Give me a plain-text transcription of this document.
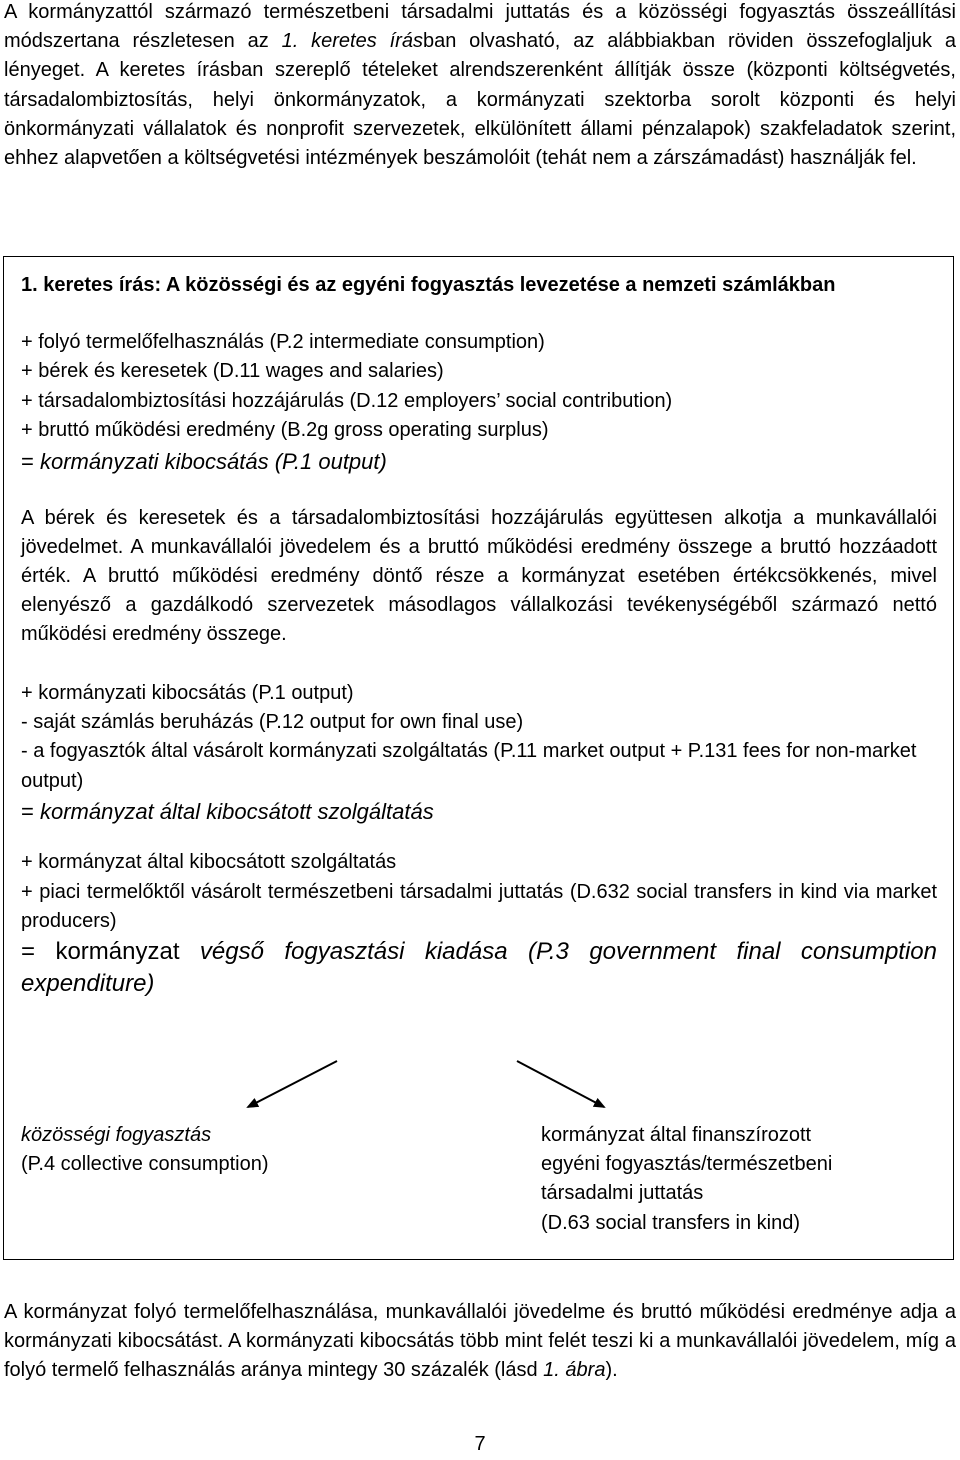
A kormányzattól származó természetbeni társadalmi juttatás és a közösségi fogyasztás összeállítási módszertana részletesen az 1. keretes írásban olvasható, az alábbiakban röviden összefoglaljuk a lényeget. A keretes írásban szereplő tételeket alrendszerenként állítják össze (központi költségvetés, társadalombiztosítás, helyi önkormányzatok, a kormányzati szektorba sorolt központi és helyi önkormányzati vállalatok és nonprofit szervezetek, elkülönített állami pénzalapok) szakfeladatok szerint, ehhez alapvetően a költségvetési intézmények beszámolóit (tehát nem a zárszámadást) használják fel.

1. keretes írás: A közösségi és az egyéni fogyasztás levezetése a nemzeti számlákban

+ folyó termelőfelhasználás (P.2 intermediate consumption)
+ bérek és keresetek (D.11 wages and salaries)
+ társadalombiztosítási hozzájárulás (D.12 employers’ social contribution)
+ bruttó működési eredmény (B.2g gross operating surplus)
= kormányzati kibocsátás (P.1 output)

A bérek és keresetek és a társadalombiztosítási hozzájárulás együttesen alkotja a munkavállalói jövedelmet. A munkavállalói jövedelem és a bruttó működési eredmény összege a bruttó hozzáadott érték. A bruttó működési eredmény döntő része a kormányzat esetében értékcsökkenés, mivel elenyésző a gazdálkodó szervezetek másodlagos vállalkozási tevékenységéből származó nettó működési eredmény összege.

+ kormányzati kibocsátás (P.1 output)
- saját számlás beruházás (P.12 output for own final use)
- a fogyasztók által vásárolt kormányzati szolgáltatás (P.11 market output + P.131 fees for non-market output)
= kormányzat által kibocsátott szolgáltatás
+ kormányzat által kibocsátott szolgáltatás
+ piaci termelőktől vásárolt természetbeni társadalmi juttatás (D.632 social transfers in kind via market producers)

= kormányzat végső fogyasztási kiadása (P.3 government final consumption expenditure)

közösségi fogyasztás
(P.4 collective consumption)
kormányzat által finanszírozott
egyéni fogyasztás/természetbeni
társadalmi juttatás
(D.63 social transfers in kind)

A kormányzat folyó termelőfelhasználása, munkavállalói jövedelme és bruttó működési eredménye adja a kormányzati kibocsátást. A kormányzati kibocsátás több mint felét teszi ki a munkavállalói jövedelem, míg a folyó termelő felhasználás aránya mintegy 30 százalék (lásd 1. ábra).

7
